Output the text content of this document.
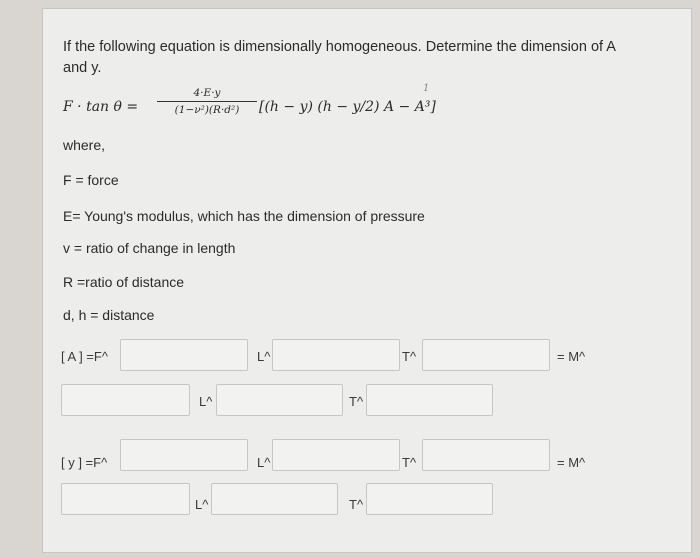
If the following equation is dimensionally homogeneous. Determine the dimension of A
and y.
$F \cdot \tan \theta = \frac{4\cdot E\cdot y}{\text{(1−ν²)(R·d²)}} [(h - y) (h - y/2) A - A^3]$
1
where,
F = force
E= Young's modulus, which has the dimension of pressure
v = ratio of change in length
R =ratio of distance
d, h = distance
[ A ] =F^	L^	T^	= M^
L^	T^
[ y ] =F^	L^	T^	= M^
L^	T^
